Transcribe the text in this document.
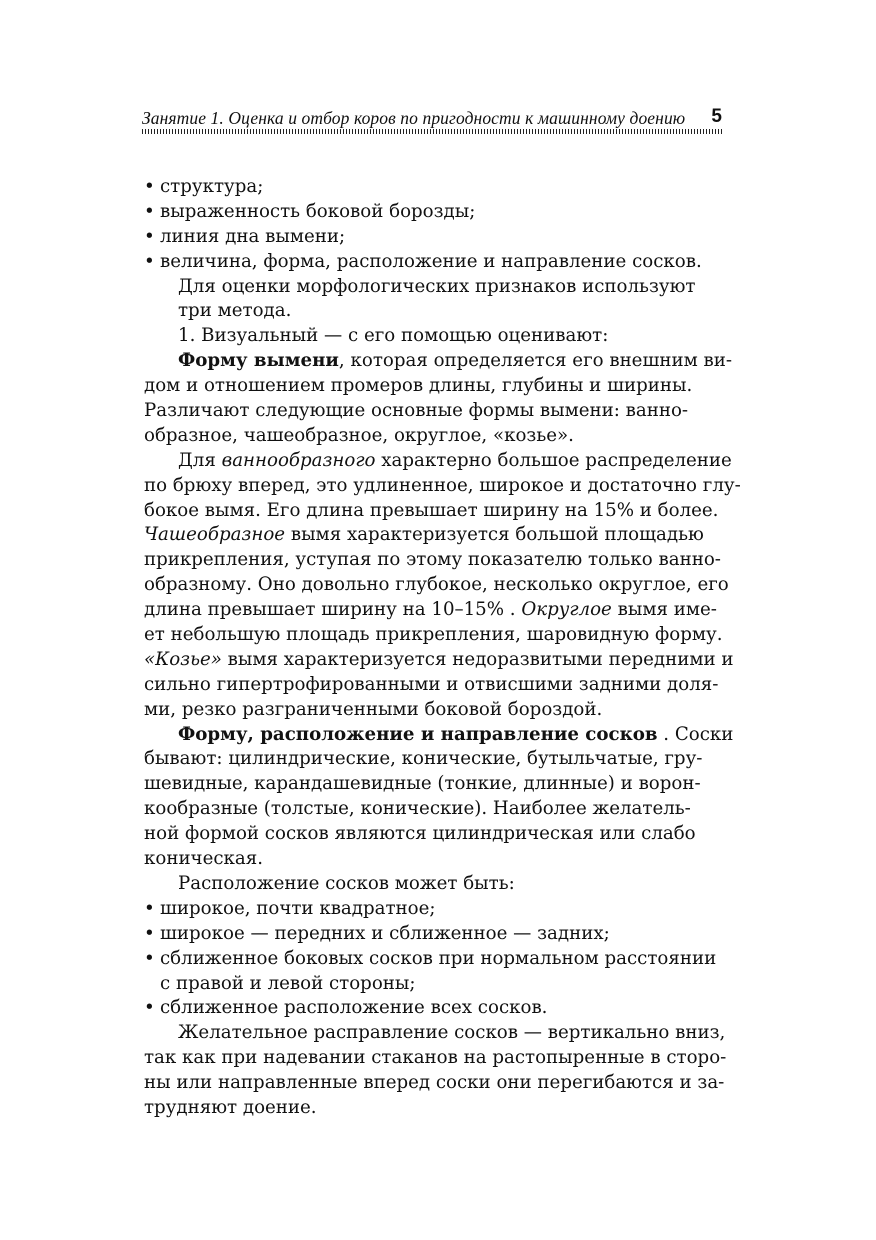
Занятие 1. Оценка и отбор коров по пригодности к машинному доению 5
• структура;
• выраженность боковой борозды;
• линия дна вымени;
• величина, форма, расположение и направление сосков.
Для оценки морфологических признаков используют
три метода.
1. Визуальный — с его помощью оценивают:
Форму вымени, которая определяется его внешним ви-
дом и отношением промеров длины, глубины и ширины.
Различают следующие основные формы вымени: ванно-
образное, чашеобразное, округлое, «козье».
Для ваннообразного характерно большое распределение
по брюху вперед, это удлиненное, широкое и достаточно глу-
бокое вымя. Его длина превышает ширину на 15% и более.
Чашеобразное вымя характеризуется большой площадью
прикрепления, уступая по этому показателю только ванно-
образному. Оно довольно глубокое, несколько округлое, его
длина превышает ширину на 10–15% . Округлое вымя име-
ет небольшую площадь прикрепления, шаровидную форму.
«Козье» вымя характеризуется недоразвитыми передними и
сильно гипертрофированными и отвисшими задними доля-
ми, резко разграниченными боковой бороздой.
Форму, расположение и направление сосков . Соски
бывают: цилиндрические, конические, бутыльчатые, гру-
шевидные, карандашевидные (тонкие, длинные) и ворон-
кообразные (толстые, конические). Наиболее желатель-
ной формой сосков являются цилиндрическая или слабо
коническая.
Расположение сосков может быть:
• широкое, почти квадратное;
• широкое — передних и сближенное — задних;
• сближенное боковых сосков при нормальном расстоянии
с правой и левой стороны;
• сближенное расположение всех сосков.
Желательное расправление сосков — вертикально вниз,
так как при надевании стаканов на растопыренные в сторо-
ны или направленные вперед соски они перегибаются и за-
трудняют доение.
